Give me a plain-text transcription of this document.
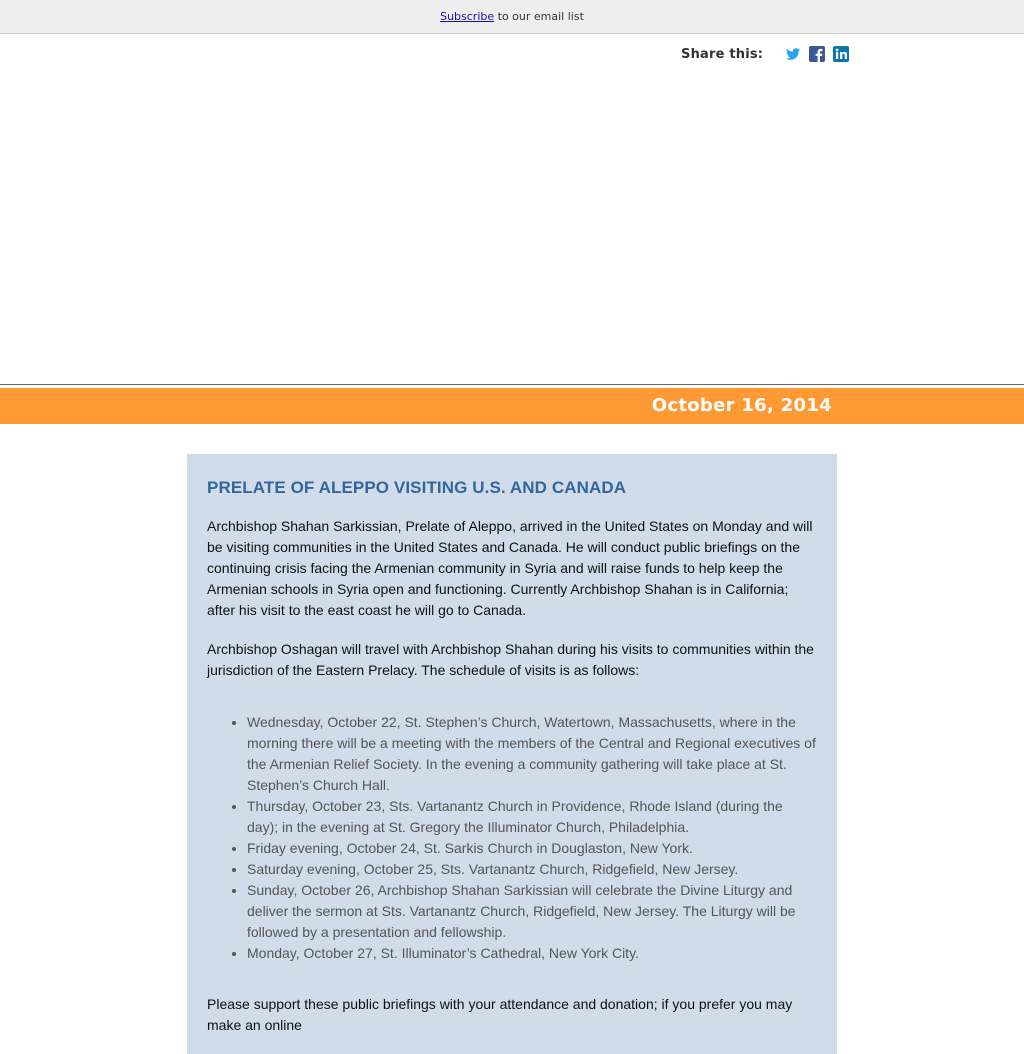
Subscribe to our email list
Share this:
October 16, 2014
PRELATE OF ALEPPO VISITING U.S. AND CANADA

Archbishop Shahan Sarkissian, Prelate of Aleppo, arrived in the United States on Monday and will be visiting communities in the United States and Canada. He will conduct public briefings on the continuing crisis facing the Armenian community in Syria and will raise funds to help keep the Armenian schools in Syria open and functioning. Currently Archbishop Shahan is in California; after his visit to the east coast he will go to Canada.

Archbishop Oshagan will travel with Archbishop Shahan during his visits to communities within the jurisdiction of the Eastern Prelacy. The schedule of visits is as follows:

• Wednesday, October 22, St. Stephen’s Church, Watertown, Massachusetts, where in the morning there will be a meeting with the members of the Central and Regional executives of the Armenian Relief Society. In the evening a community gathering will take place at St. Stephen’s Church Hall.
• Thursday, October 23, Sts. Vartanantz Church in Providence, Rhode Island (during the day); in the evening at St. Gregory the Illuminator Church, Philadelphia.
• Friday evening, October 24, St. Sarkis Church in Douglaston, New York.
• Saturday evening, October 25, Sts. Vartanantz Church, Ridgefield, New Jersey.
• Sunday, October 26, Archbishop Shahan Sarkissian will celebrate the Divine Liturgy and deliver the sermon at Sts. Vartanantz Church, Ridgefield, New Jersey. The Liturgy will be followed by a presentation and fellowship.
• Monday, October 27, St. Illuminator’s Cathedral, New York City.

Please support these public briefings with your attendance and donation; if you prefer you may make an online
